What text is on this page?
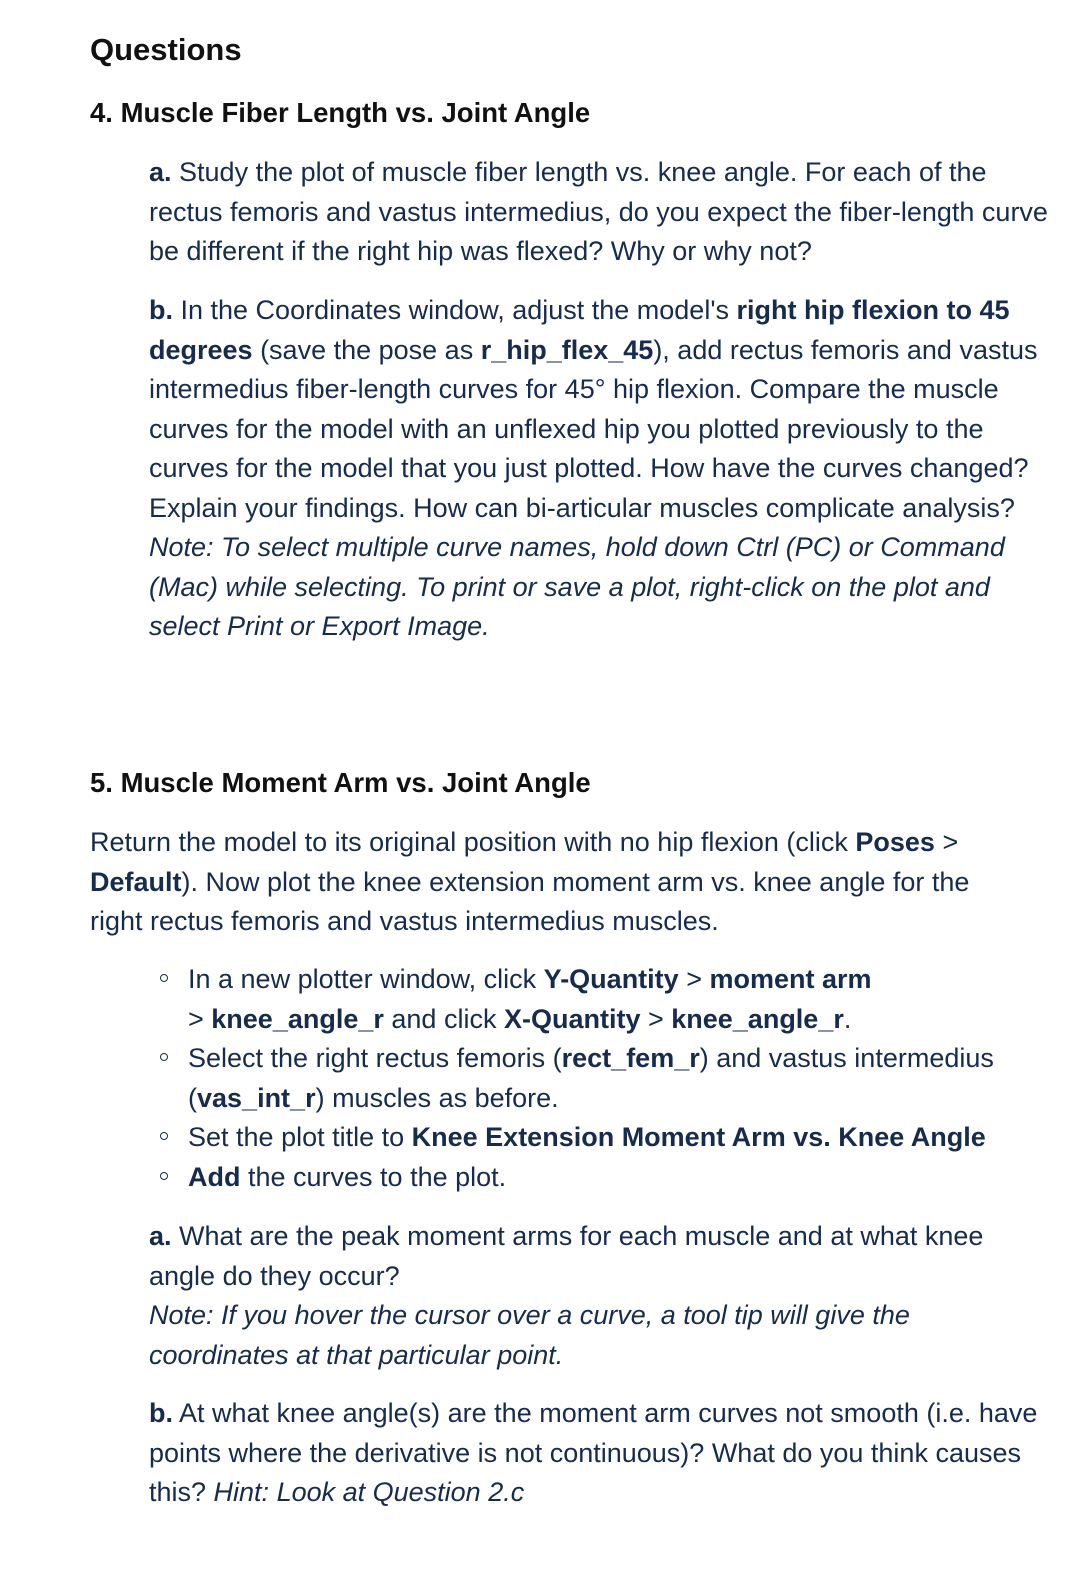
Questions
4. Muscle Fiber Length vs. Joint Angle

a. Study the plot of muscle fiber length vs. knee angle. For each of the rectus femoris and vastus intermedius, do you expect the fiber-length curve be different if the right hip was flexed? Why or why not?

b. In the Coordinates window, adjust the model's right hip flexion to 45 degrees (save the pose as r_hip_flex_45), add rectus femoris and vastus intermedius fiber-length curves for 45° hip flexion. Compare the muscle curves for the model with an unflexed hip you plotted previously to the curves for the model that you just plotted. How have the curves changed? Explain your findings. How can bi-articular muscles complicate analysis?
Note: To select multiple curve names, hold down Ctrl (PC) or Command (Mac) while selecting. To print or save a plot, right-click on the plot and select Print or Export Image.

5. Muscle Moment Arm vs. Joint Angle

Return the model to its original position with no hip flexion (click Poses > Default). Now plot the knee extension moment arm vs. knee angle for the right rectus femoris and vastus intermedius muscles.

In a new plotter window, click Y-Quantity > moment arm
> knee_angle_r and click X-Quantity > knee_angle_r.
Select the right rectus femoris (rect_fem_r) and vastus intermedius (vas_int_r) muscles as before.
Set the plot title to Knee Extension Moment Arm vs. Knee Angle
Add the curves to the plot.

a. What are the peak moment arms for each muscle and at what knee angle do they occur?
Note: If you hover the cursor over a curve, a tool tip will give the coordinates at that particular point.

b. At what knee angle(s) are the moment arm curves not smooth (i.e. have points where the derivative is not continuous)? What do you think causes this? Hint: Look at Question 2.c
